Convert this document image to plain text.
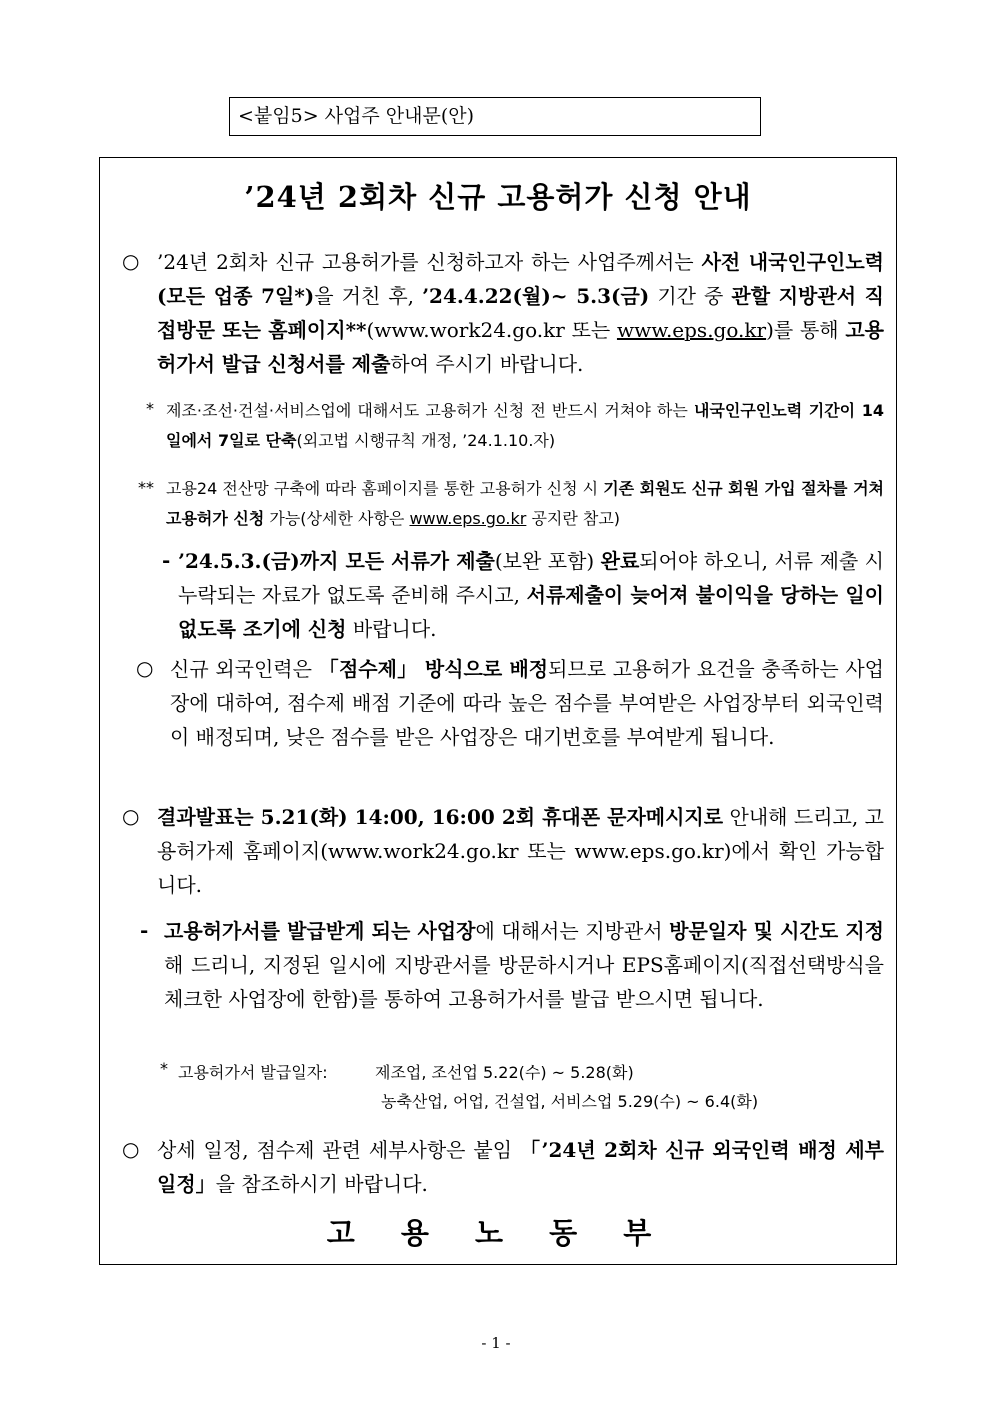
<붙임5> 사업주 안내문(안)
’24년 2회차 신규 고용허가 신청 안내
○ ’24년 2회차 신규 고용허가를 신청하고자 하는 사업주께서는 사전 내국인구인노력(모든 업종 7일*)을 거친 후, ’24.4.22(월)~ 5.3(금) 기간 중 관할 지방관서 직접방문 또는 홈페이지**(www.work24.go.kr 또는 www.eps.go.kr)를 통해 고용허가서 발급 신청서를 제출하여 주시기 바랍니다.
* 제조·조선·건설·서비스업에 대해서도 고용허가 신청 전 반드시 거쳐야 하는 내국인구인노력 기간이 14일에서 7일로 단축(외고법 시행규칙 개정, ’24.1.10.자)
** 고용24 전산망 구축에 따라 홈페이지를 통한 고용허가 신청 시 기존 회원도 신규 회원 가입 절차를 거쳐 고용허가 신청 가능(상세한 사항은 www.eps.go.kr 공지란 참고)
- ’24.5.3.(금)까지 모든 서류가 제출(보완 포함) 완료되어야 하오니, 서류 제출 시 누락되는 자료가 없도록 준비해 주시고, 서류제출이 늦어져 불이익을 당하는 일이 없도록 조기에 신청 바랍니다.
○ 신규 외국인력은 「점수제」 방식으로 배정되므로 고용허가 요건을 충족하는 사업장에 대하여, 점수제 배점 기준에 따라 높은 점수를 부여받은 사업장부터 외국인력이 배정되며, 낮은 점수를 받은 사업장은 대기번호를 부여받게 됩니다.
○ 결과발표는 5.21(화) 14:00, 16:00 2회 휴대폰 문자메시지로 안내해 드리고, 고용허가제 홈페이지(www.work24.go.kr 또는 www.eps.go.kr)에서 확인 가능합니다.
- 고용허가서를 발급받게 되는 사업장에 대해서는 지방관서 방문일자 및 시간도 지정해 드리니, 지정된 일시에 지방관서를 방문하시거나 EPS홈페이지(직접선택방식을 체크한 사업장에 한함)를 통하여 고용허가서를 발급 받으시면 됩니다.
* 고용허가서 발급일자:	제조업, 조선업 5.22(수) ~ 5.28(화)
농축산업, 어업, 건설업, 서비스업 5.29(수) ~ 6.4(화)
○ 상세 일정, 점수제 관련 세부사항은 붙임 「’24년 2회차 신규 외국인력 배정 세부일정」을 참조하시기 바랍니다.
고 용 노 동 부
- 1 -
